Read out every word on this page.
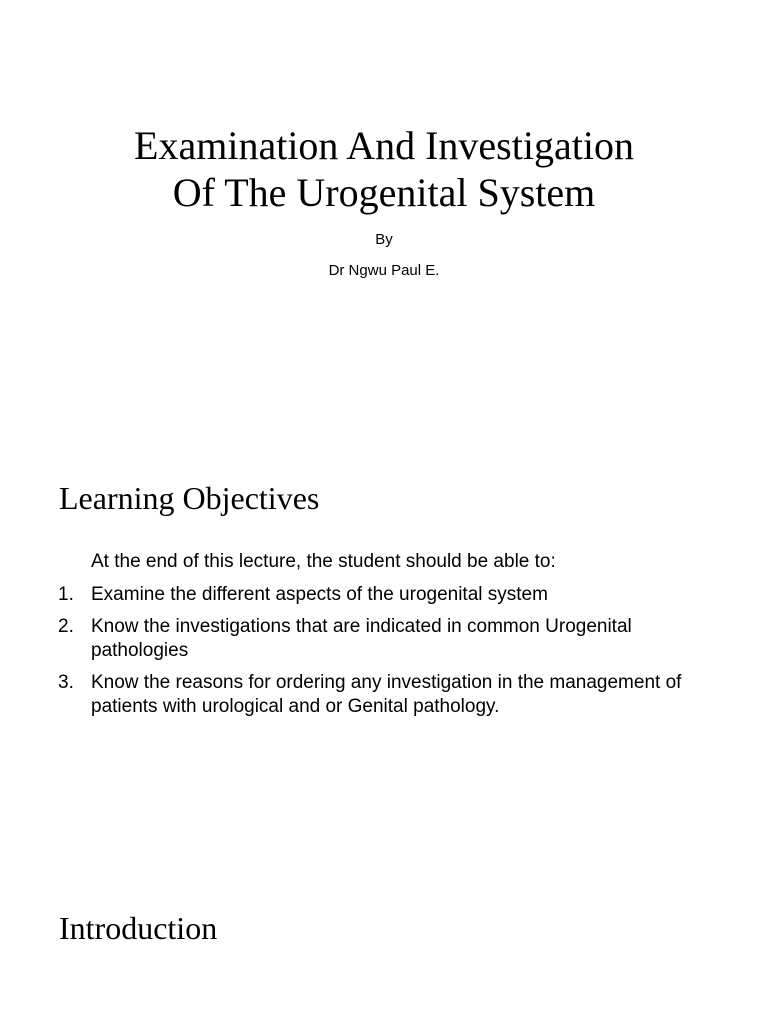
Examination And Investigation
Of The Urogenital System

By

Dr Ngwu Paul E.

Learning Objectives

At the end of this lecture, the student should be able to:

1. Examine the different aspects of the urogenital system
2. Know the investigations that are indicated in common Urogenital pathologies
3. Know the reasons for ordering any investigation in the management of patients with urological and or Genital pathology.
Introduction
